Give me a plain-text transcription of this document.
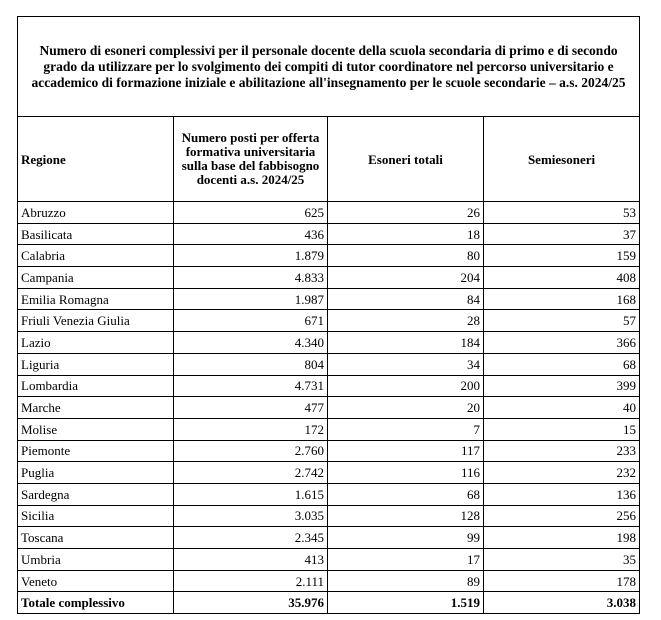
Numero di esoneri complessivi per il personale docente della scuola secondaria di primo e di secondo grado da utilizzare per lo svolgimento dei compiti di tutor coordinatore nel percorso universitario e accademico di formazione iniziale e abilitazione all'insegnamento per le scuole secondarie – a.s. 2024/25			
Regione	Numero posti per offerta formativa universitaria sulla base del fabbisogno docenti a.s. 2024/25	Esoneri totali	Semiesoneri
Abruzzo	625	26	53
Basilicata	436	18	37
Calabria	1.879	80	159
Campania	4.833	204	408
Emilia Romagna	1.987	84	168
Friuli Venezia Giulia	671	28	57
Lazio	4.340	184	366
Liguria	804	34	68
Lombardia	4.731	200	399
Marche	477	20	40
Molise	172	7	15
Piemonte	2.760	117	233
Puglia	2.742	116	232
Sardegna	1.615	68	136
Sicilia	3.035	128	256
Toscana	2.345	99	198
Umbria	413	17	35
Veneto	2.111	89	178
Totale complessivo	35.976	1.519	3.038
